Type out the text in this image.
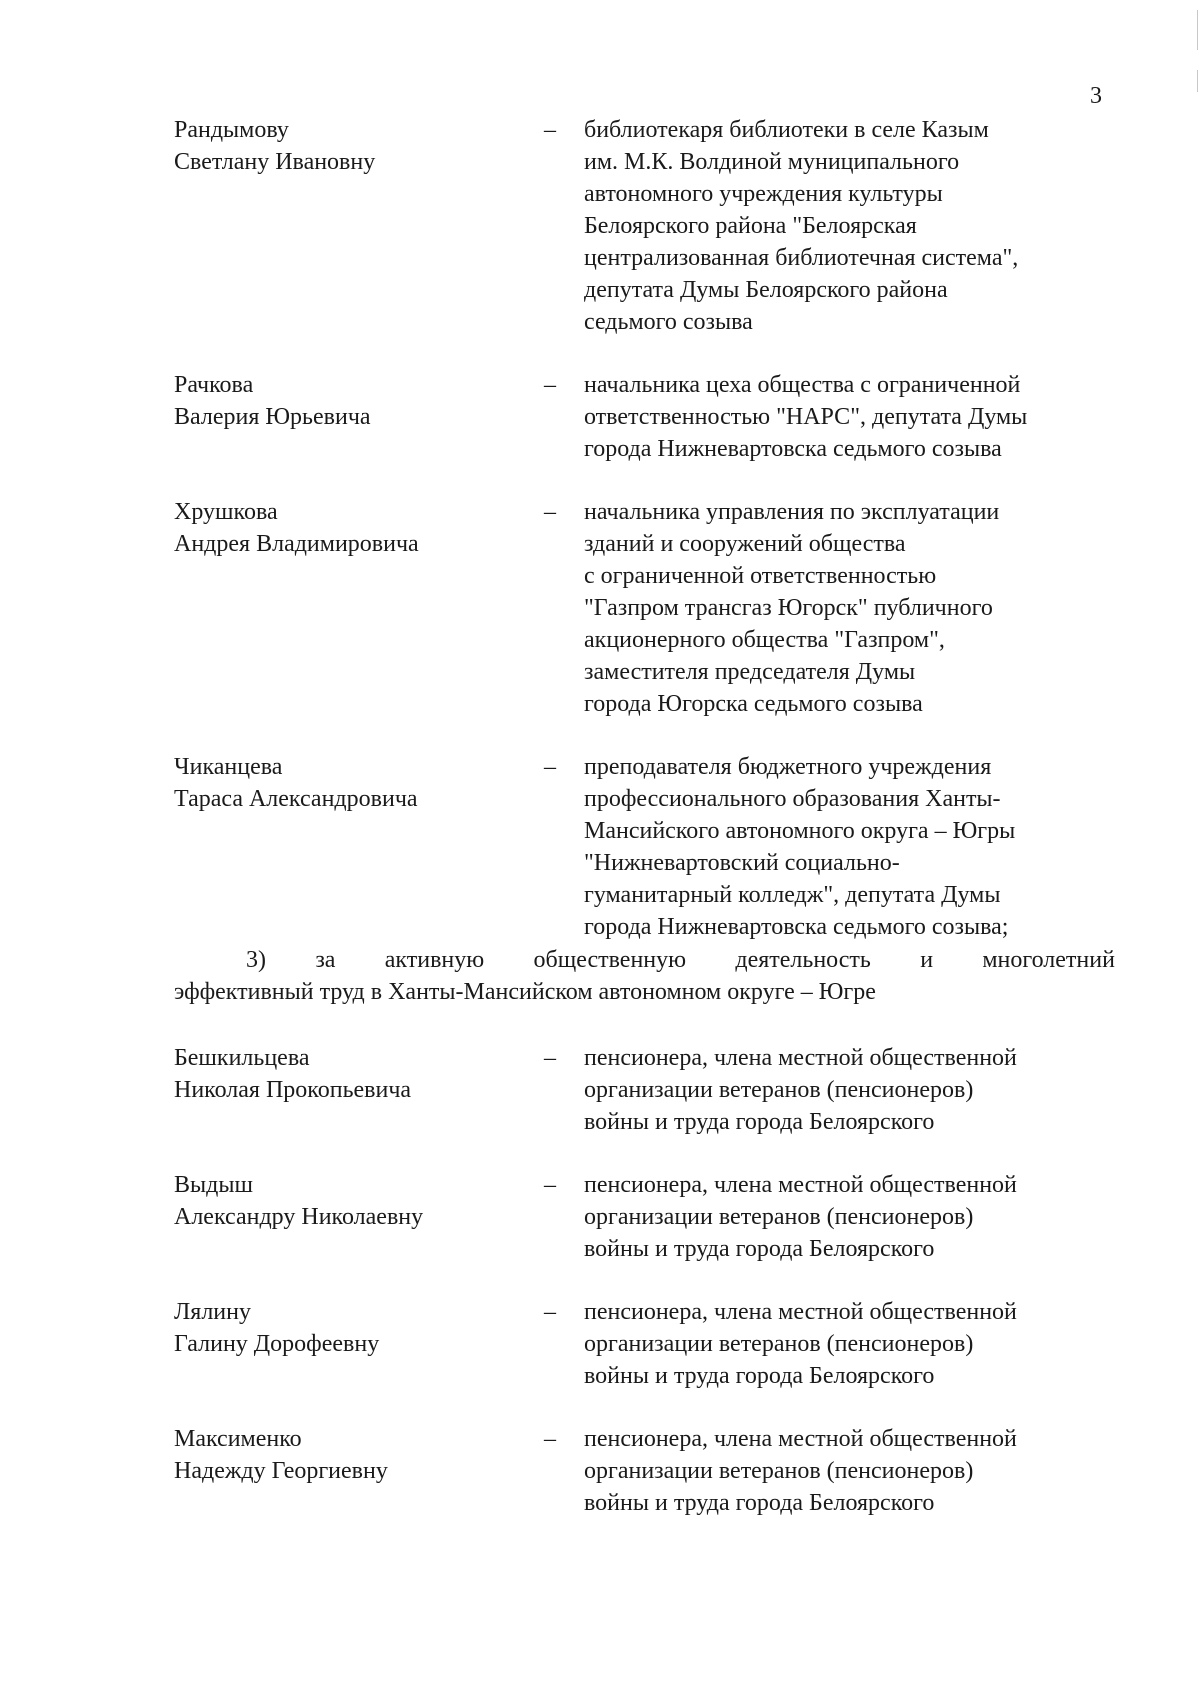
3
Рандымову
Светлану Ивановну
– библиотекаря библиотеки в селе Казым
им. М.К. Волдиной муниципального
автономного учреждения культуры
Белоярского района "Белоярская
централизованная библиотечная система",
депутата Думы Белоярского района
седьмого созыва
Рачкова
Валерия Юрьевича
– начальника цеха общества с ограниченной
ответственностью "НАРС", депутата Думы
города Нижневартовска седьмого созыва
Хрушкова
Андрея Владимировича
– начальника управления по эксплуатации
зданий и сооружений общества
с ограниченной ответственностью
"Газпром трансгаз Югорск" публичного
акционерного общества "Газпром",
заместителя председателя Думы
города Югорска седьмого созыва
Чиканцева
Тараса Александровича
– преподавателя бюджетного учреждения
профессионального образования Ханты-
Мансийского автономного округа – Югры
"Нижневартовский социально-
гуманитарный колледж", депутата Думы
города Нижневартовска седьмого созыва;
3) за активную общественную деятельность и многолетний
эффективный труд в Ханты-Мансийском автономном округе – Югре
Бешкильцева
Николая Прокопьевича
– пенсионера, члена местной общественной
организации ветеранов (пенсионеров)
войны и труда города Белоярского
Выдыш
Александру Николаевну
– пенсионера, члена местной общественной
организации ветеранов (пенсионеров)
войны и труда города Белоярского
Лялину
Галину Дорофеевну
– пенсионера, члена местной общественной
организации ветеранов (пенсионеров)
войны и труда города Белоярского
Максименко
Надежду Георгиевну
– пенсионера, члена местной общественной
организации ветеранов (пенсионеров)
войны и труда города Белоярского
